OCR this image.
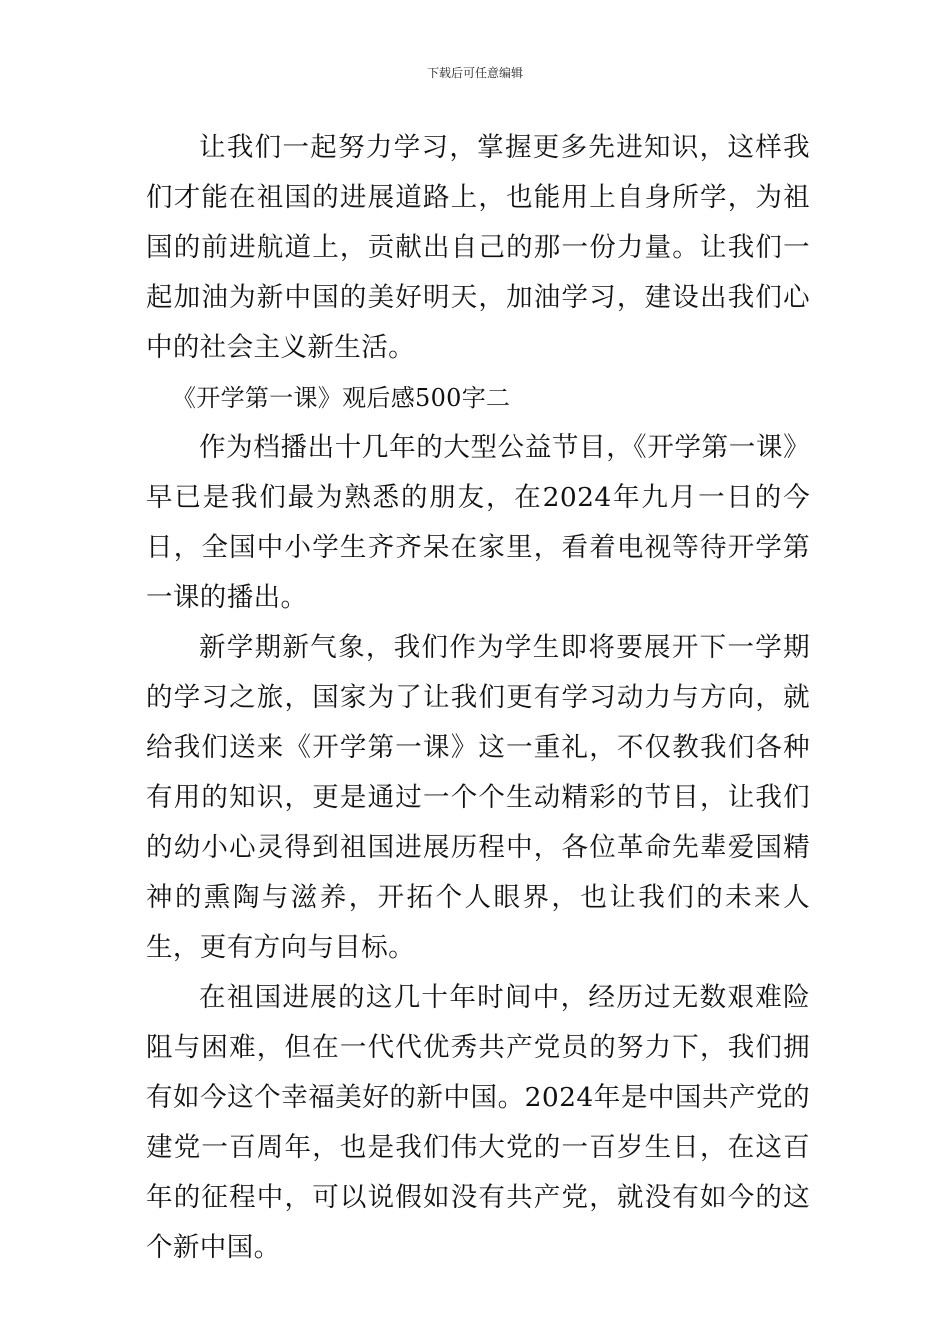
下载后可任意编辑

让我们一起努力学习，掌握更多先进知识，这样我们才能在祖国的进展道路上，也能用上自身所学，为祖国的前进航道上，贡献出自己的那一份力量。让我们一起加油为新中国的美好明天，加油学习，建设出我们心中的社会主义新生活。

《开学第一课》观后感500字二

作为档播出十几年的大型公益节目，《开学第一课》早已是我们最为熟悉的朋友，在2024年九月一日的今日，全国中小学生齐齐呆在家里，看着电视等待开学第一课的播出。

新学期新气象，我们作为学生即将要展开下一学期的学习之旅，国家为了让我们更有学习动力与方向，就给我们送来《开学第一课》这一重礼，不仅教我们各种有用的知识，更是通过一个个生动精彩的节目，让我们的幼小心灵得到祖国进展历程中，各位革命先辈爱国精神的熏陶与滋养，开拓个人眼界，也让我们的未来人生，更有方向与目标。

在祖国进展的这几十年时间中，经历过无数艰难险阻与困难，但在一代代优秀共产党员的努力下，我们拥有如今这个幸福美好的新中国。2024年是中国共产党的建党一百周年，也是我们伟大党的一百岁生日，在这百年的征程中，可以说假如没有共产党，就没有如今的这个新中国。
